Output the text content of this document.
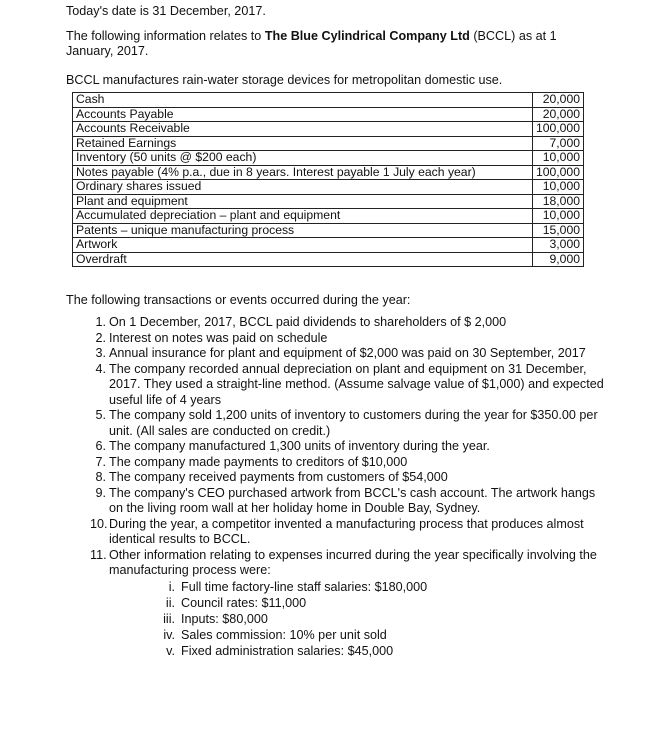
Today's date is 31 December, 2017.

The following information relates to The Blue Cylindrical Company Ltd (BCCL) as at 1 January, 2017.

BCCL manufactures rain-water storage devices for metropolitan domestic use.

Cash	20,000
Accounts Payable	20,000
Accounts Receivable	100,000
Retained Earnings	7,000
Inventory (50 units @ $200 each)	10,000
Notes payable (4% p.a., due in 8 years. Interest payable 1 July each year)	100,000
Ordinary shares issued	10,000
Plant and equipment	18,000
Accumulated depreciation – plant and equipment	10,000
Patents – unique manufacturing process	15,000
Artwork	3,000
Overdraft	9,000

The following transactions or events occurred during the year:

1. On 1 December, 2017, BCCL paid dividends to shareholders of $ 2,000
2. Interest on notes was paid on schedule
3. Annual insurance for plant and equipment of $2,000 was paid on 30 September, 2017
4. The company recorded annual depreciation on plant and equipment on 31 December, 2017. They used a straight-line method. (Assume salvage value of $1,000) and expected useful life of 4 years
5. The company sold 1,200 units of inventory to customers during the year for $350.00 per unit. (All sales are conducted on credit.)
6. The company manufactured 1,300 units of inventory during the year.
7. The company made payments to creditors of $10,000
8. The company received payments from customers of $54,000
9. The company's CEO purchased artwork from BCCL's cash account. The artwork hangs on the living room wall at her holiday home in Double Bay, Sydney.
10. During the year, a competitor invented a manufacturing process that produces almost identical results to BCCL.
11. Other information relating to expenses incurred during the year specifically involving the manufacturing process were:
i. Full time factory-line staff salaries: $180,000
ii. Council rates: $11,000
iii. Inputs: $80,000
iv. Sales commission: 10% per unit sold
v. Fixed administration salaries: $45,000
